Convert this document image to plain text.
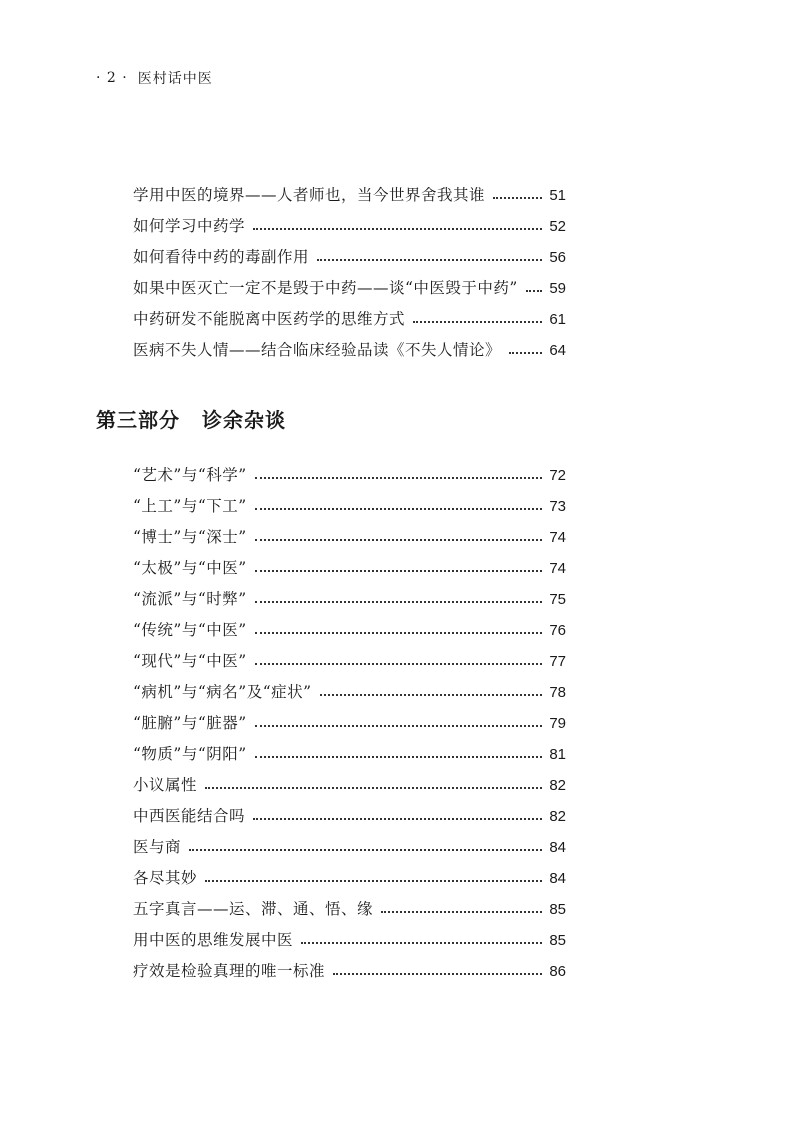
· 2 · 医村话中医
学用中医的境界——人者师也，当今世界舍我其谁	51
如何学习中药学	52
如何看待中药的毒副作用	56
如果中医灭亡一定不是毁于中药——谈“中医毁于中药” 59
中药研发不能脱离中医药学的思维方式	61
医病不失人情——结合临床经验品读《不失人情论》	64
第三部分 诊余杂谈
“艺术”与“科学”	72
“上工”与“下工”	73
“博士”与“深士”	74
“太极”与“中医”	74
“流派”与“时弊”	75
“传统”与“中医”	76
“现代”与“中医”	77
“病机”与“病名”及“症状”	78
“脏腑”与“脏器”	79
“物质”与“阴阳”	81
小议属性	82
中西医能结合吗	82
医与商	84
各尽其妙	84
五字真言——运、滞、通、悟、缘	85
用中医的思维发展中医	85
疗效是检验真理的唯一标准	86
